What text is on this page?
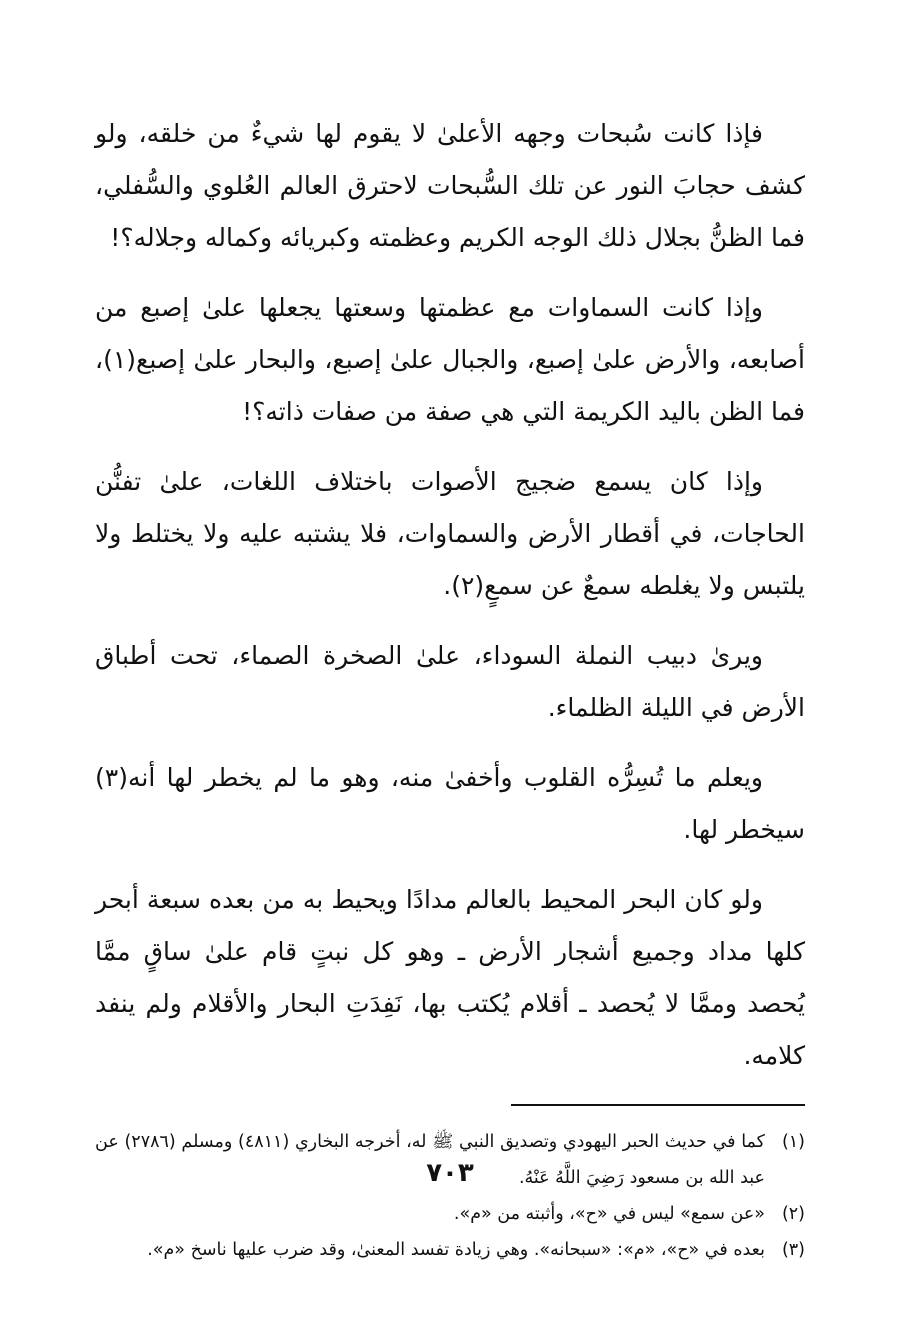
فإذا كانت سُبحات وجهه الأعلىٰ لا يقوم لها شيءٌ من خلقه، ولو كشف حجابَ النور عن تلك السُّبحات لاحترق العالم العُلوي والسُّفلي، فما الظنُّ بجلال ذلك الوجه الكريم وعظمته وكبريائه وكماله وجلاله؟!

وإذا كانت السماوات مع عظمتها وسعتها يجعلها علىٰ إصبع من أصابعه، والأرض علىٰ إصبع، والجبال علىٰ إصبع، والبحار علىٰ إصبع(١)، فما الظن باليد الكريمة التي هي صفة من صفات ذاته؟!

وإذا كان يسمع ضجيج الأصوات باختلاف اللغات، علىٰ تفنُّن الحاجات، في أقطار الأرض والسماوات، فلا يشتبه عليه ولا يختلط ولا يلتبس ولا يغلطه سمعٌ عن سمعٍ(٢).

ويرىٰ دبيب النملة السوداء، علىٰ الصخرة الصماء، تحت أطباق الأرض في الليلة الظلماء.

ويعلم ما تُسِرُّه القلوب وأخفىٰ منه، وهو ما لم يخطر لها أنه(٣) سيخطر لها.

ولو كان البحر المحيط بالعالم مدادًا ويحيط به من بعده سبعة أبحر كلها مداد وجميع أشجار الأرض ـ وهو كل نبتٍ قام علىٰ ساقٍ ممَّا يُحصد وممَّا لا يُحصد ـ أقلام يُكتب بها، نَفِدَتِ البحار والأقلام ولم ينفد كلامه.

(١)
كما في حديث الحبر اليهودي وتصديق النبي ﷺ له، أخرجه البخاري (٤٨١١) ومسلم (٢٧٨٦) عن عبد الله بن مسعود رَضِيَ اللَّهُ عَنْهُ.
(٢)
«عن سمع» ليس في «ح»، وأثبته من «م».
(٣)
بعده في «ح»، «م»: «سبحانه». وهي زيادة تفسد المعنىٰ، وقد ضرب عليها ناسخ «م».
٧٠٣
